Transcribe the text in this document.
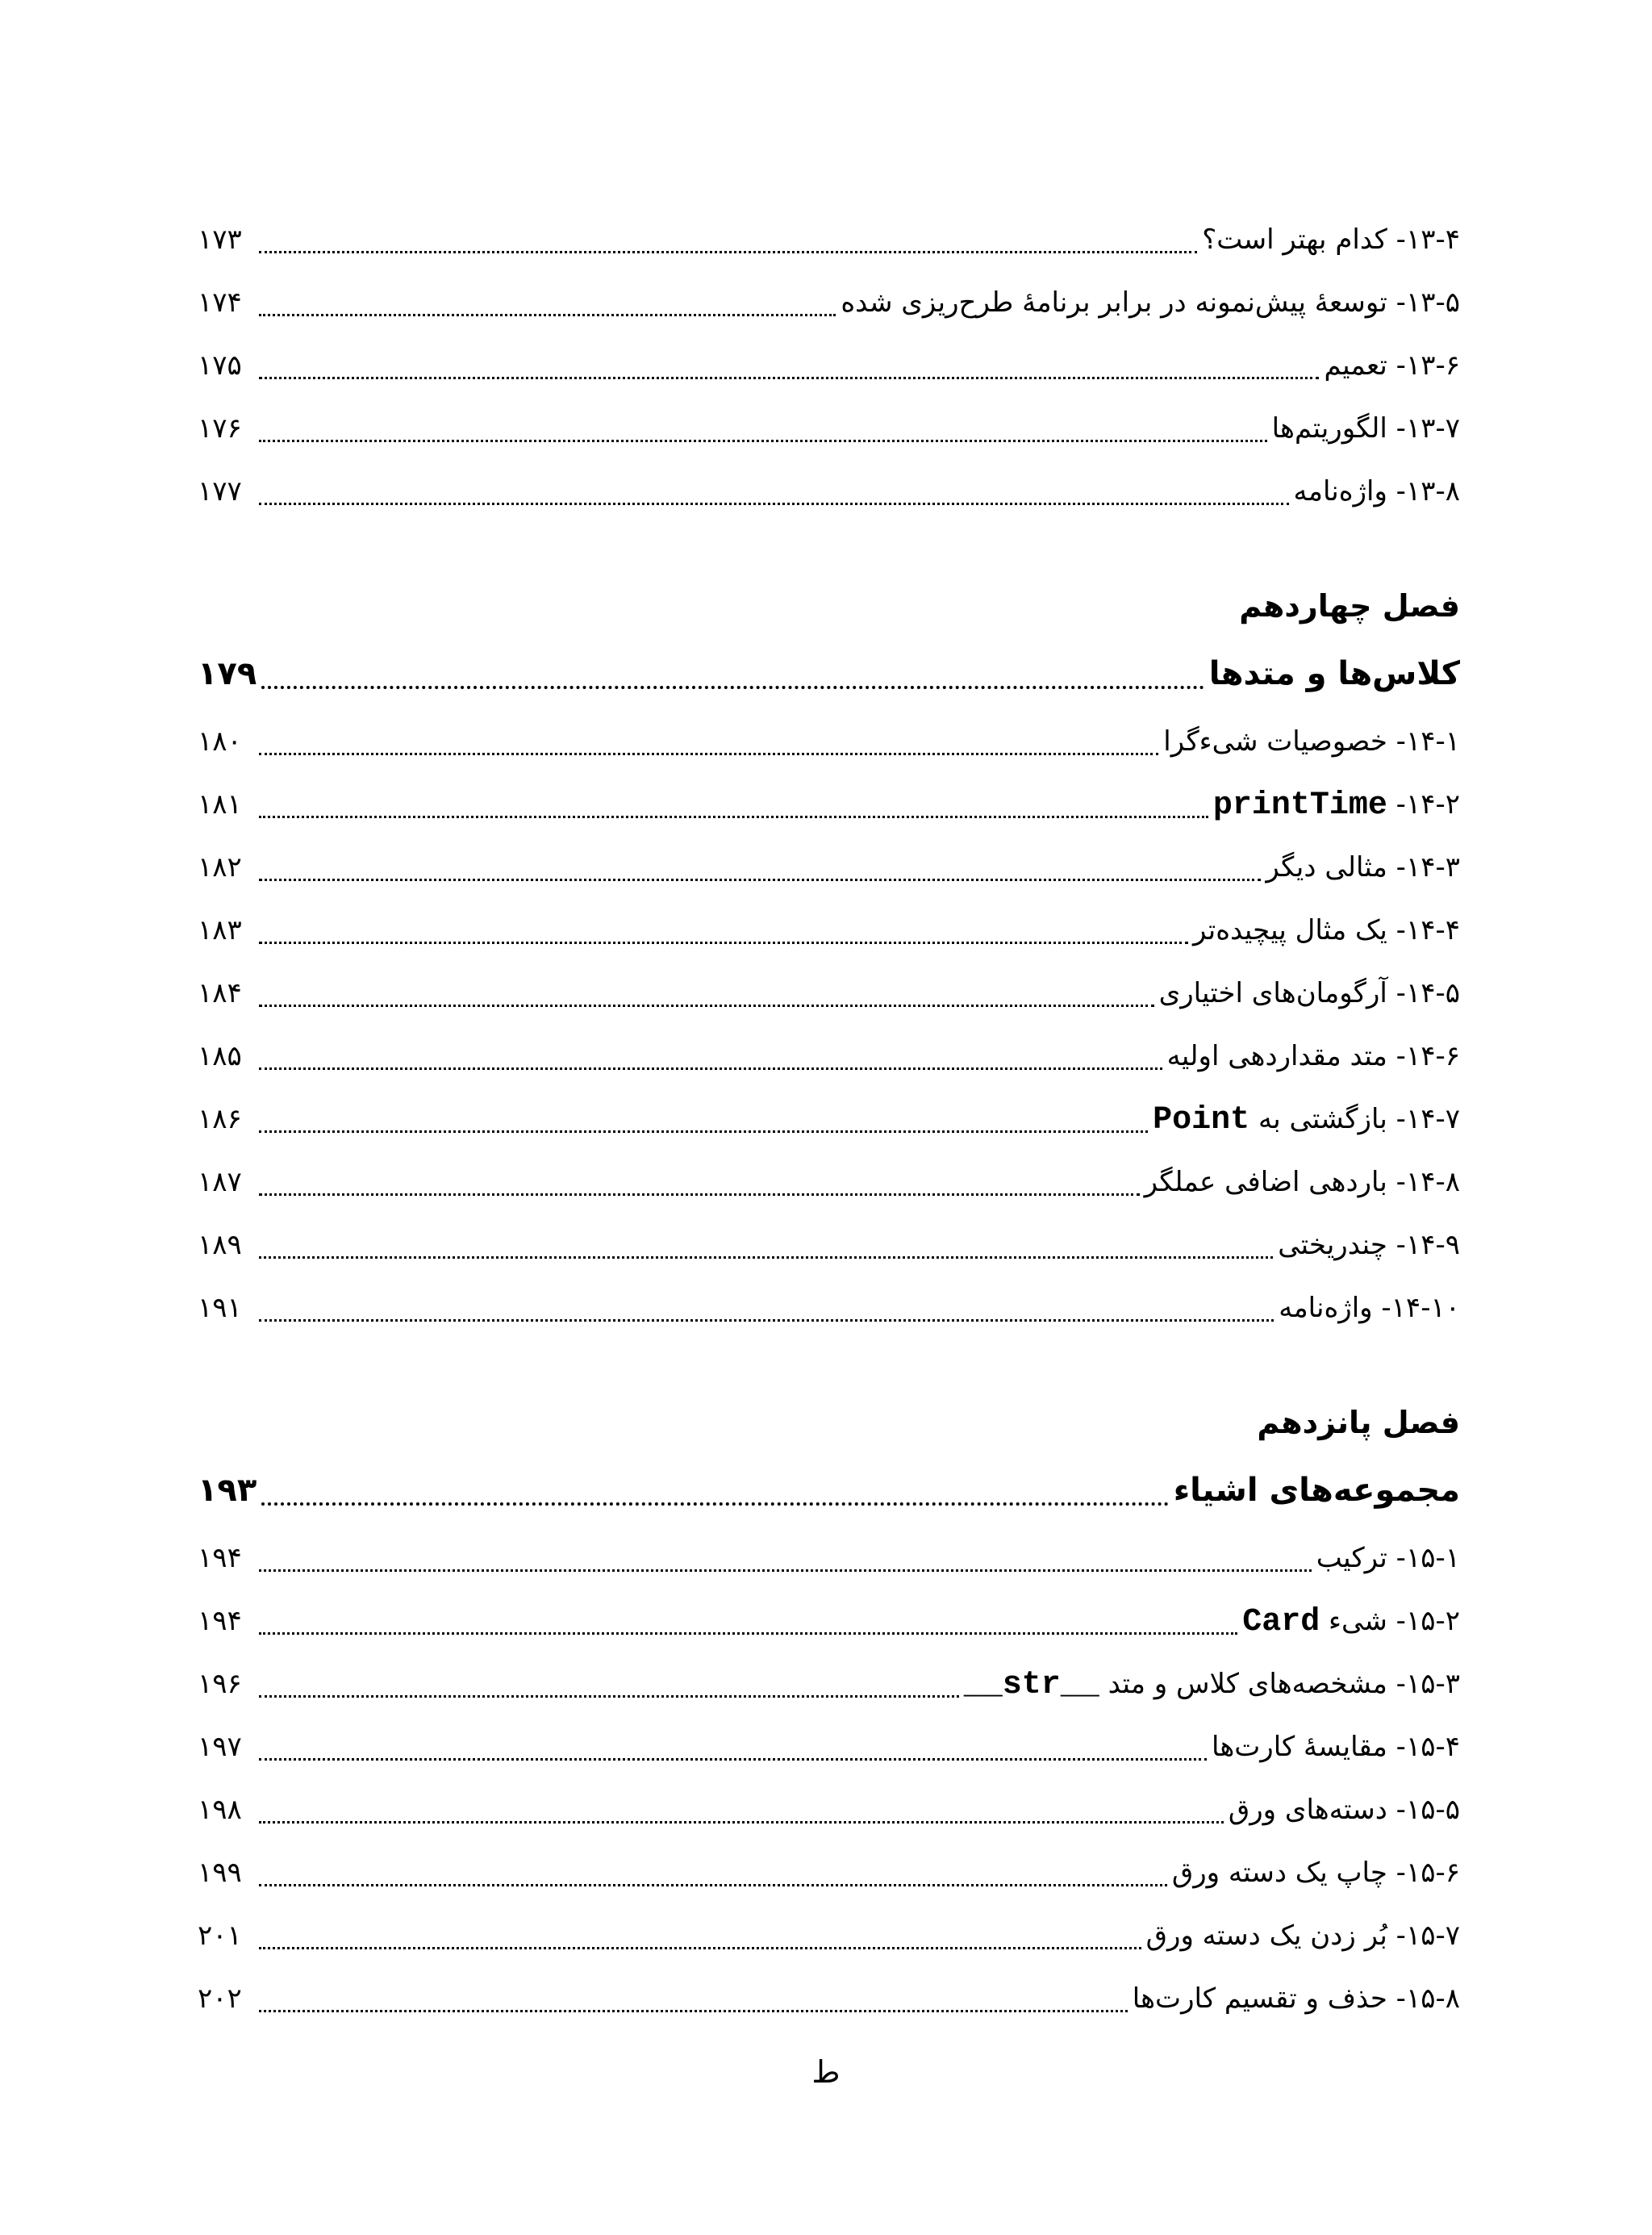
۱۳-۴- کدام بهتر است؟
۱۷۳
۱۳-۵- توسعهٔ پیش‌نمونه در برابر برنامهٔ طرح‌ریزی شده
۱۷۴
۱۳-۶- تعمیم
۱۷۵
۱۳-۷- الگوریتم‌ها
۱۷۶
۱۳-۸- واژه‌نامه
۱۷۷
فصل چهاردهم
کلاس‌ها و متدها
۱۷۹
۱۴-۱- خصوصیات شیءگرا
۱۸۰
۱۴-۲- printTime
۱۸۱
۱۴-۳- مثالی دیگر
۱۸۲
۱۴-۴- یک مثال پیچیده‌تر
۱۸۳
۱۴-۵- آرگومان‌های اختیاری
۱۸۴
۱۴-۶- متد مقداردهی اولیه
۱۸۵
۱۴-۷- بازگشتی به Point
۱۸۶
۱۴-۸- باردهی اضافی عملگر
۱۸۷
۱۴-۹- چندریختی
۱۸۹
۱۴-۱۰- واژه‌نامه
۱۹۱
فصل پانزدهم
مجموعه‌های اشیاء
۱۹۳
۱۵-۱- ترکیب
۱۹۴
۱۵-۲- شیء Card
۱۹۴
۱۵-۳- مشخصه‌های کلاس و متد __str__
۱۹۶
۱۵-۴- مقایسهٔ کارت‌ها
۱۹۷
۱۵-۵- دسته‌های ورق
۱۹۸
۱۵-۶- چاپ یک دسته ورق
۱۹۹
۱۵-۷- بُر زدن یک دسته ورق
۲۰۱
۱۵-۸- حذف و تقسیم کارت‌ها
۲۰۲
ط
